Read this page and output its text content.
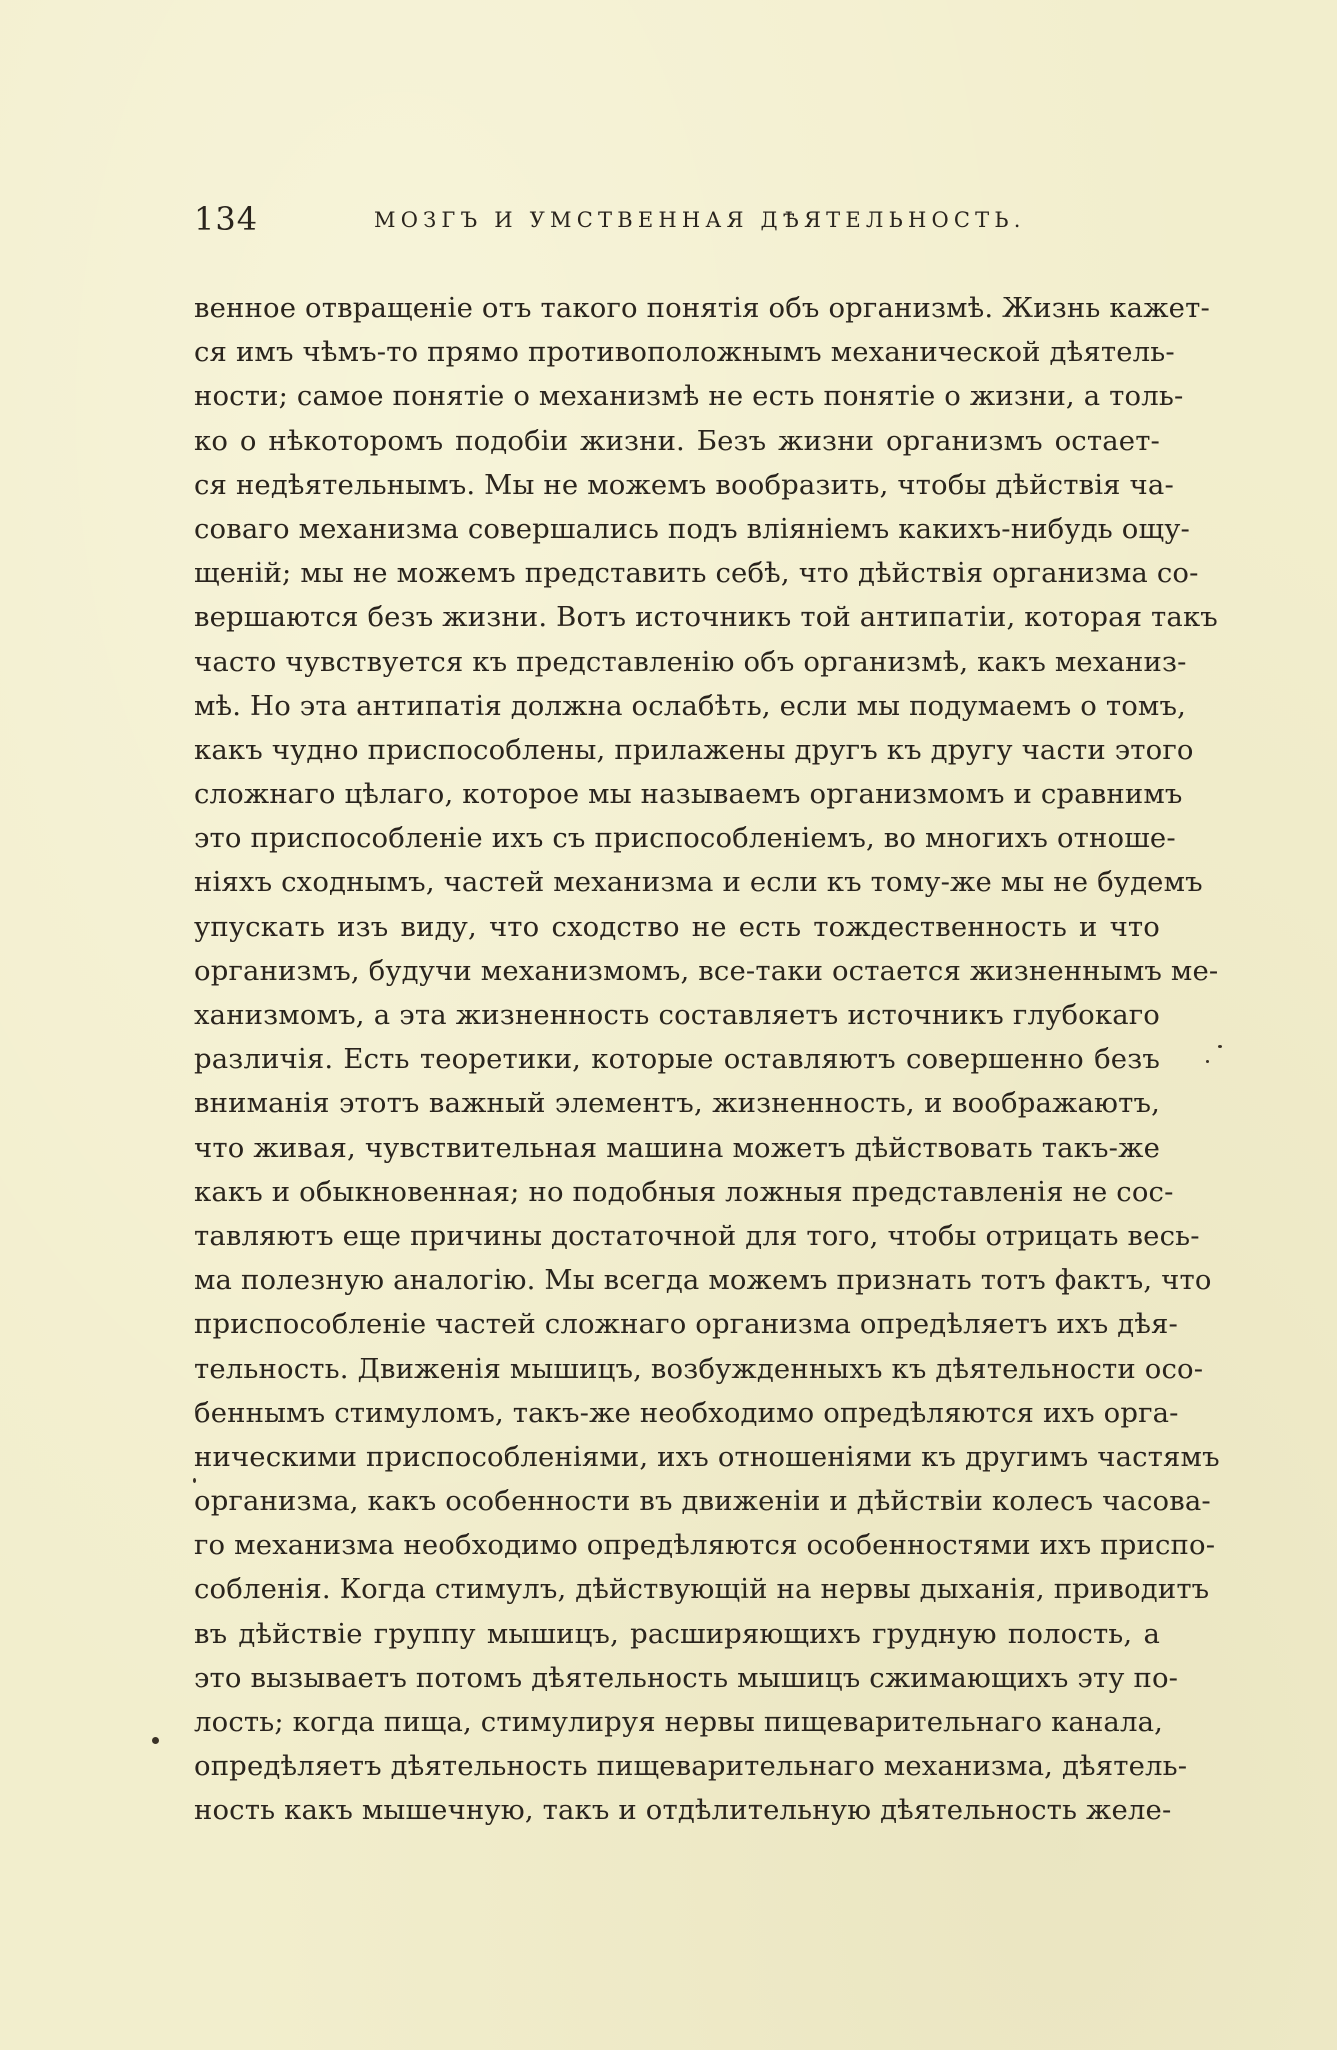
134	МОЗГЪ И УМСТВЕННАЯ ДѢЯТЕЛЬНОСТЬ.
венное отвращеніе отъ такого понятія объ организмѣ. Жизнь кажет-
ся имъ чѣмъ-то прямо противоположнымъ механической дѣятель-
ности; самое понятіе о механизмѣ не есть понятіе о жизни, а толь-
ко о нѣкоторомъ подобіи жизни. Безъ жизни организмъ остает-
ся недѣятельнымъ. Мы не можемъ вообразить, чтобы дѣйствія ча-
соваго механизма совершались подъ вліяніемъ какихъ-нибудь ощу-
щеній; мы не можемъ представить себѣ, что дѣйствія организма со-
вершаются безъ жизни. Вотъ источникъ той антипатіи, которая такъ
часто чувствуется къ представленію объ организмѣ, какъ механиз-
мѣ. Но эта антипатія должна ослабѣть, если мы подумаемъ о томъ,
какъ чудно приспособлены, прилажены другъ къ другу части этого
сложнаго цѣлаго, которое мы называемъ организмомъ и сравнимъ
это приспособленіе ихъ съ приспособленіемъ, во многихъ отноше-
ніяхъ сходнымъ, частей механизма и если къ тому-же мы не будемъ
упускать изъ виду, что сходство не есть тождественность и что
организмъ, будучи механизмомъ, все-таки остается жизненнымъ ме-
ханизмомъ, а эта жизненность составляетъ источникъ глубокаго
различія. Есть теоретики, которые оставляютъ совершенно безъ
вниманія этотъ важный элементъ, жизненность, и воображаютъ,
что живая, чувствительная машина можетъ дѣйствовать такъ-же
какъ и обыкновенная; но подобныя ложныя представленія не сос-
тавляютъ еще причины достаточной для того, чтобы отрицать весь-
ма полезную аналогію. Мы всегда можемъ признать тотъ фактъ, что
приспособленіе частей сложнаго организма опредѣляетъ ихъ дѣя-
тельность. Движенія мышицъ, возбужденныхъ къ дѣятельности осо-
беннымъ стимуломъ, такъ-же необходимо опредѣляются ихъ орга-
ническими приспособленіями, ихъ отношеніями къ другимъ частямъ
организма, какъ особенности въ движеніи и дѣйствіи колесъ часова-
го механизма необходимо опредѣляются особенностями ихъ приспо-
собленія. Когда стимулъ, дѣйствующій на нервы дыханія, приводитъ
въ дѣйствіе группу мышицъ, расширяющихъ грудную полость, а
это вызываетъ потомъ дѣятельность мышицъ сжимающихъ эту по-
лость; когда пища, стимулируя нервы пищеварительнаго канала,
опредѣляетъ дѣятельность пищеварительнаго механизма, дѣятель-
ность какъ мышечную, такъ и отдѣлительную дѣятельность желе-
